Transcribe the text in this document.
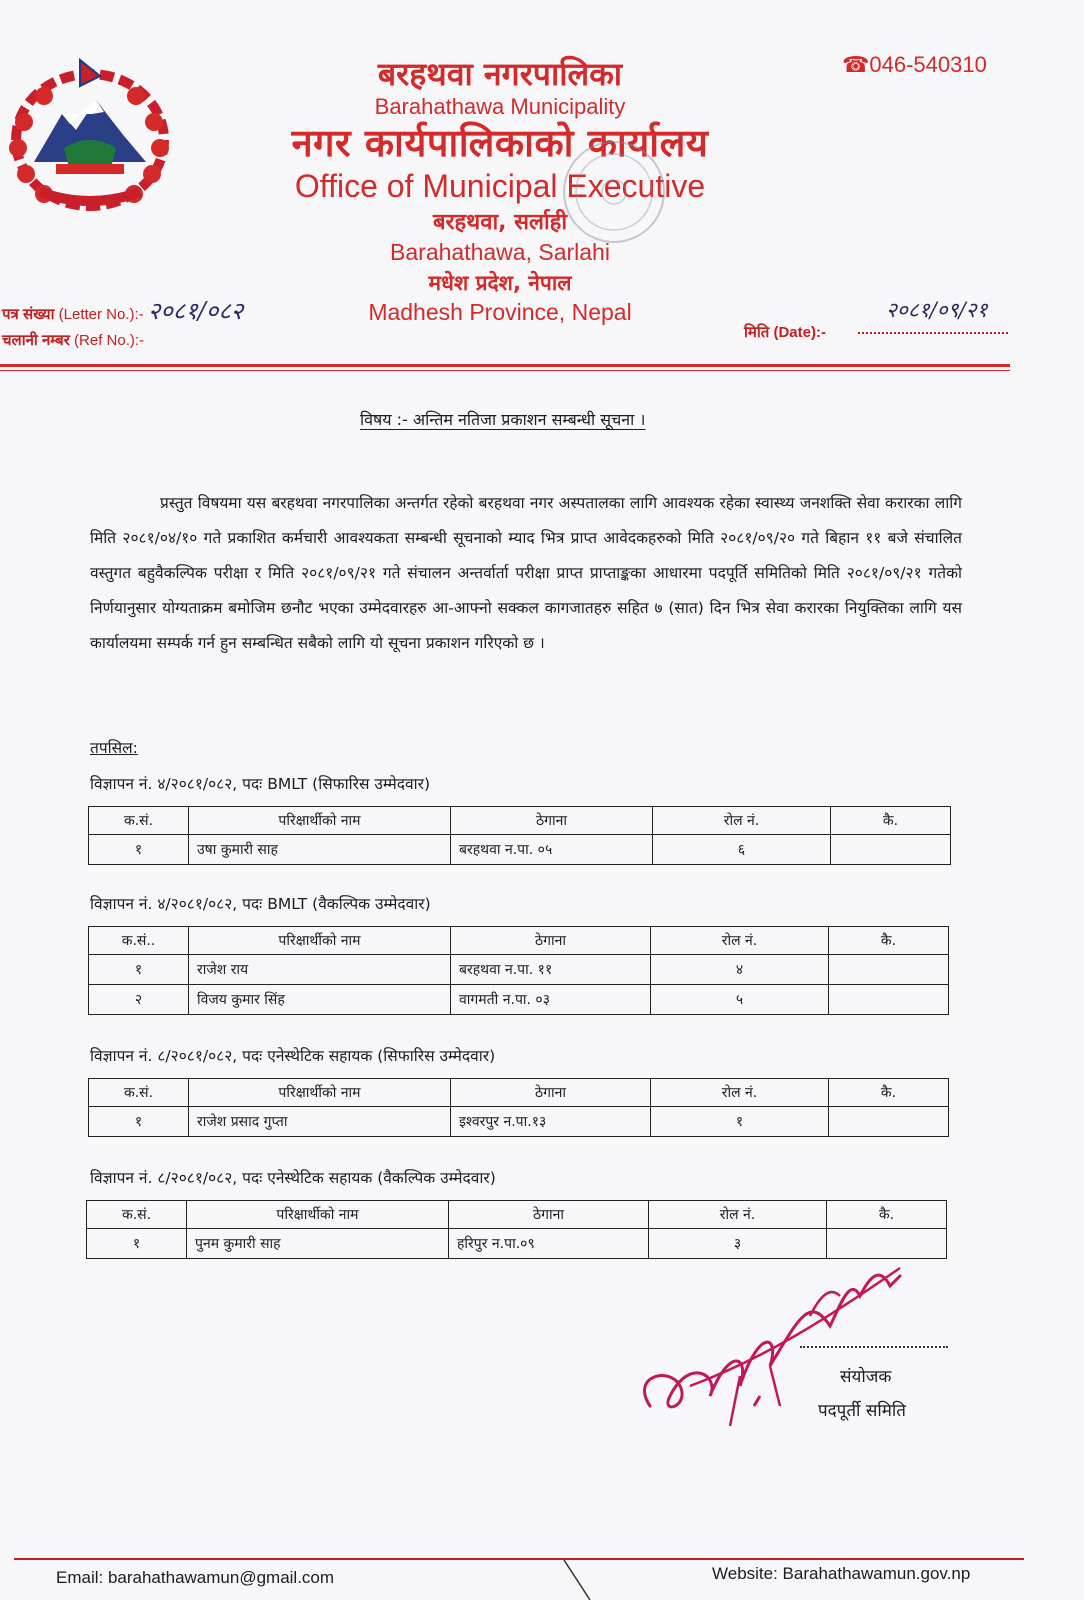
बरहथवा नगरपालिका
Barahathawa Municipality
नगर कार्यपालिकाको कार्यालय
Office of Municipal Executive
बरहथवा, सर्लाही
Barahathawa, Sarlahi
मधेश प्रदेश, नेपाल
Madhesh Province, Nepal
☎046-540310
पत्र संख्या (Letter No.):- २०८१/०८२
चलानी नम्बर (Ref No.):-
२०८१/०९/२१
मिति (Date):-
विषय :- अन्तिम नतिजा प्रकाशन सम्बन्धी सूचना ।
प्रस्तुत विषयमा यस बरहथवा नगरपालिका अन्तर्गत रहेको बरहथवा नगर अस्पतालका लागि आवश्यक रहेका स्वास्थ्य जनशक्ति सेवा करारका लागि मिति २०८१/०४/१० गते प्रकाशित कर्मचारी आवश्यकता सम्बन्धी सूचनाको म्याद भित्र प्राप्त आवेदकहरुको मिति २०८१/०९/२० गते बिहान ११ बजे संचालित वस्तुगत बहुवैकल्पिक परीक्षा र मिति २०८१/०९/२१ गते संचालन अन्तर्वार्ता परीक्षा प्राप्त प्राप्ताङ्कका आधारमा पदपूर्ति समितिको मिति २०८१/०९/२१ गतेको निर्णयानुसार योग्यताक्रम बमोजिम छनौट भएका उम्मेदवारहरु आ-आफ्नो सक्कल कागजातहरु सहित ७ (सात) दिन भित्र सेवा करारका नियुक्तिका लागि यस कार्यालयमा सम्पर्क गर्न हुन सम्बन्धित सबैको लागि यो सूचना प्रकाशन गरिएको छ ।
तपसिल:
विज्ञापन नं. ४/२०८१/०८२, पदः BMLT (सिफारिस उम्मेदवार)
क.सं.	परिक्षार्थीको नाम	ठेगाना	रोल नं.	कै.
१	उषा कुमारी साह	बरहथवा न.पा. ०५	६	
विज्ञापन नं. ४/२०८१/०८२, पदः BMLT (वैकल्पिक उम्मेदवार)
क.सं..	परिक्षार्थीको नाम	ठेगाना	रोल नं.	कै.
१	राजेश राय	बरहथवा न.पा. ११	४	
२	विजय कुमार सिंह	वागमती न.पा. ०३	५	
विज्ञापन नं. ८/२०८१/०८२, पदः एनेस्थेटिक सहायक (सिफारिस उम्मेदवार)
क.सं.	परिक्षार्थीको नाम	ठेगाना	रोल नं.	कै.
१	राजेश प्रसाद गुप्ता	इश्वरपुर न.पा.१३	१	
विज्ञापन नं. ८/२०८१/०८२, पदः एनेस्थेटिक सहायक (वैकल्पिक उम्मेदवार)
क.सं.	परिक्षार्थीको नाम	ठेगाना	रोल नं.	कै.
१	पुनम कुमारी साह	हरिपुर न.पा.०९	३	
संयोजक
पदपूर्ती समिति
Email: barahathawamun@gmail.com	Website: Barahathawamun.gov.np
